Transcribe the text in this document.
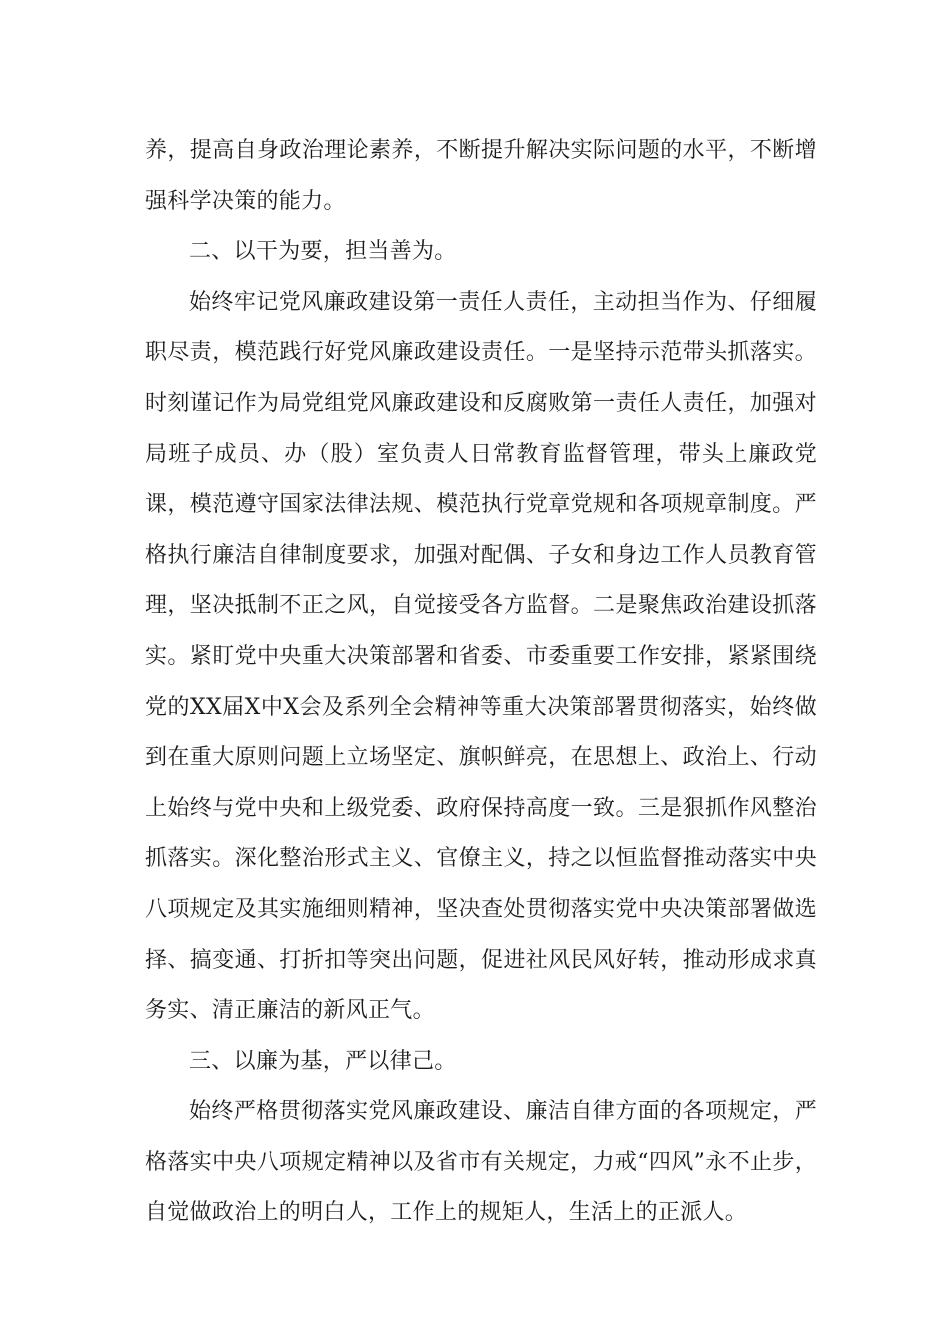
养，提高自身政治理论素养，不断提升解决实际问题的水平，不断增强科学决策的能力。

二、以干为要，担当善为。

始终牢记党风廉政建设第一责任人责任，主动担当作为、仔细履职尽责，模范践行好党风廉政建设责任。一是坚持示范带头抓落实。时刻谨记作为局党组党风廉政建设和反腐败第一责任人责任，加强对局班子成员、办（股）室负责人日常教育监督管理，带头上廉政党课，模范遵守国家法律法规、模范执行党章党规和各项规章制度。严格执行廉洁自律制度要求，加强对配偶、子女和身边工作人员教育管理，坚决抵制不正之风，自觉接受各方监督。二是聚焦政治建设抓落实。紧盯党中央重大决策部署和省委、市委重要工作安排，紧紧围绕党的XX届X中X会及系列全会精神等重大决策部署贯彻落实，始终做到在重大原则问题上立场坚定、旗帜鲜亮，在思想上、政治上、行动上始终与党中央和上级党委、政府保持高度一致。三是狠抓作风整治抓落实。深化整治形式主义、官僚主义，持之以恒监督推动落实中央八项规定及其实施细则精神，坚决查处贯彻落实党中央决策部署做选择、搞变通、打折扣等突出问题，促进社风民风好转，推动形成求真务实、清正廉洁的新风正气。

三、以廉为基，严以律己。

始终严格贯彻落实党风廉政建设、廉洁自律方面的各项规定，严格落实中央八项规定精神以及省市有关规定，力戒“四风”永不止步，自觉做政治上的明白人，工作上的规矩人，生活上的正派人。
